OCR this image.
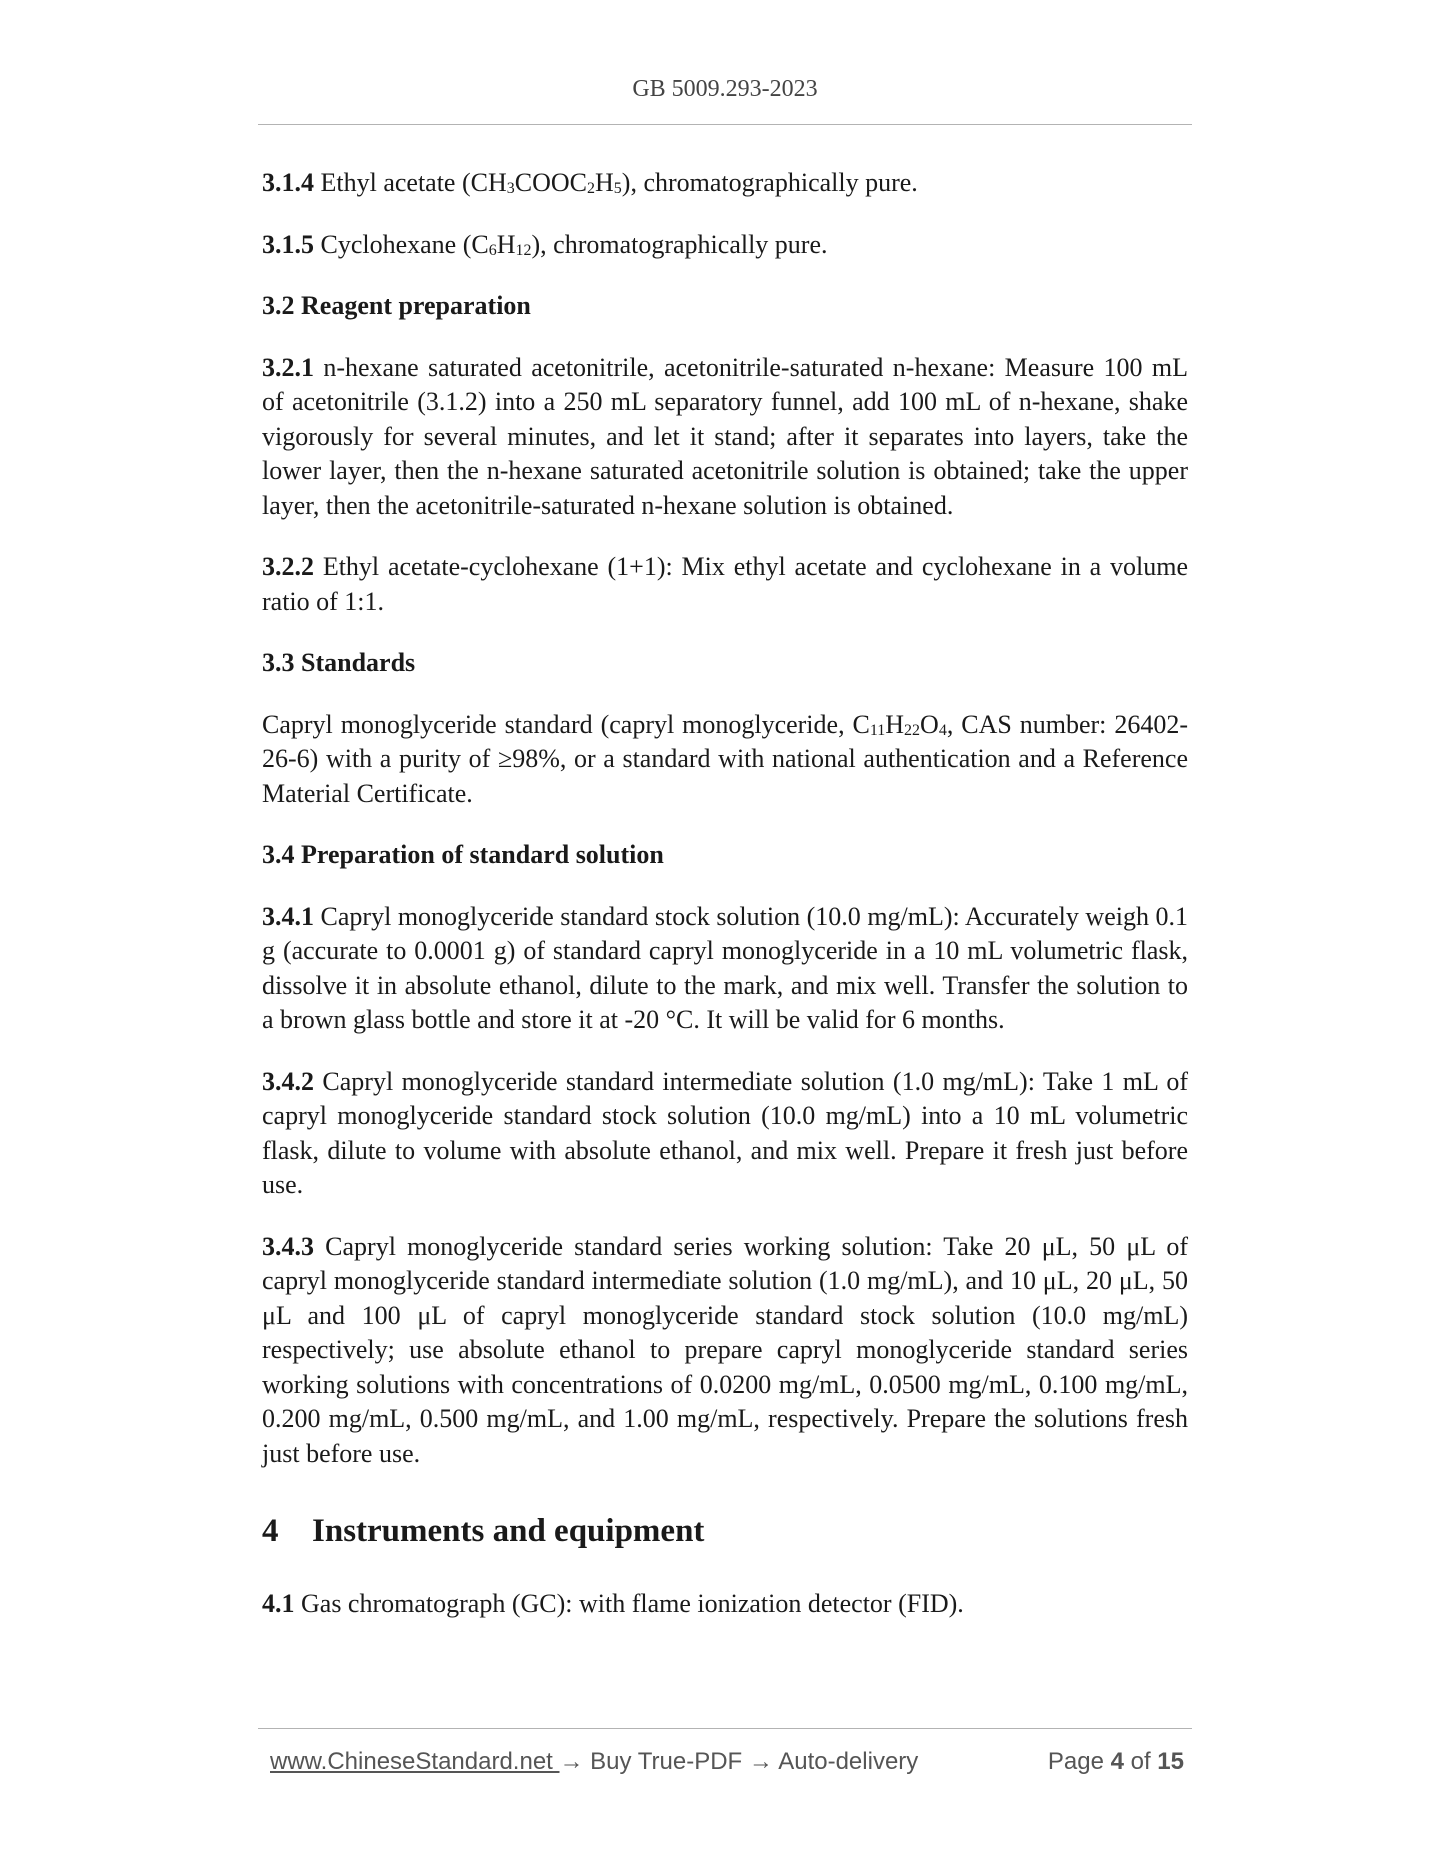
GB 5009.293-2023

3.1.4 Ethyl acetate $(CH_3COOC_2H_5)$, chromatographically pure.

3.1.5 Cyclohexane $(C_6H_{12})$, chromatographically pure.

3.2 Reagent preparation

3.2.1 n-hexane saturated acetonitrile, acetonitrile-saturated n-hexane: Measure 100 mL of acetonitrile (3.1.2) into a 250 mL separatory funnel, add 100 mL of n-hexane, shake vigorously for several minutes, and let it stand; after it separates into layers, take the lower layer, then the n-hexane saturated acetonitrile solution is obtained; take the upper layer, then the acetonitrile-saturated n-hexane solution is obtained.

3.2.2 Ethyl acetate-cyclohexane (1+1): Mix ethyl acetate and cyclohexane in a volume ratio of 1:1.

3.3 Standards

Capryl monoglyceride standard (capryl monoglyceride, $C_{11}H_{22}O_4$, CAS number: 26402-26-6) with a purity of ≥98%, or a standard with national authentication and a Reference Material Certificate.

3.4 Preparation of standard solution

3.4.1 Capryl monoglyceride standard stock solution (10.0 mg/mL): Accurately weigh 0.1 g (accurate to 0.0001 g) of standard capryl monoglyceride in a 10 mL volumetric flask, dissolve it in absolute ethanol, dilute to the mark, and mix well. Transfer the solution to a brown glass bottle and store it at -20 °C. It will be valid for 6 months.

3.4.2 Capryl monoglyceride standard intermediate solution (1.0 mg/mL): Take 1 mL of capryl monoglyceride standard stock solution (10.0 mg/mL) into a 10 mL volumetric flask, dilute to volume with absolute ethanol, and mix well. Prepare it fresh just before use.

3.4.3 Capryl monoglyceride standard series working solution: Take 20 μL, 50 μL of capryl monoglyceride standard intermediate solution (1.0 mg/mL), and 10 μL, 20 μL, 50 μL and 100 μL of capryl monoglyceride standard stock solution (10.0 mg/mL) respectively; use absolute ethanol to prepare capryl monoglyceride standard series working solutions with concentrations of 0.0200 mg/mL, 0.0500 mg/mL, 0.100 mg/mL, 0.200 mg/mL, 0.500 mg/mL, and 1.00 mg/mL, respectively. Prepare the solutions fresh just before use.

4 Instruments and equipment

4.1 Gas chromatograph (GC): with flame ionization detector (FID).

www.ChineseStandard.net → Buy True-PDF → Auto-delivery	Page 4 of 15
